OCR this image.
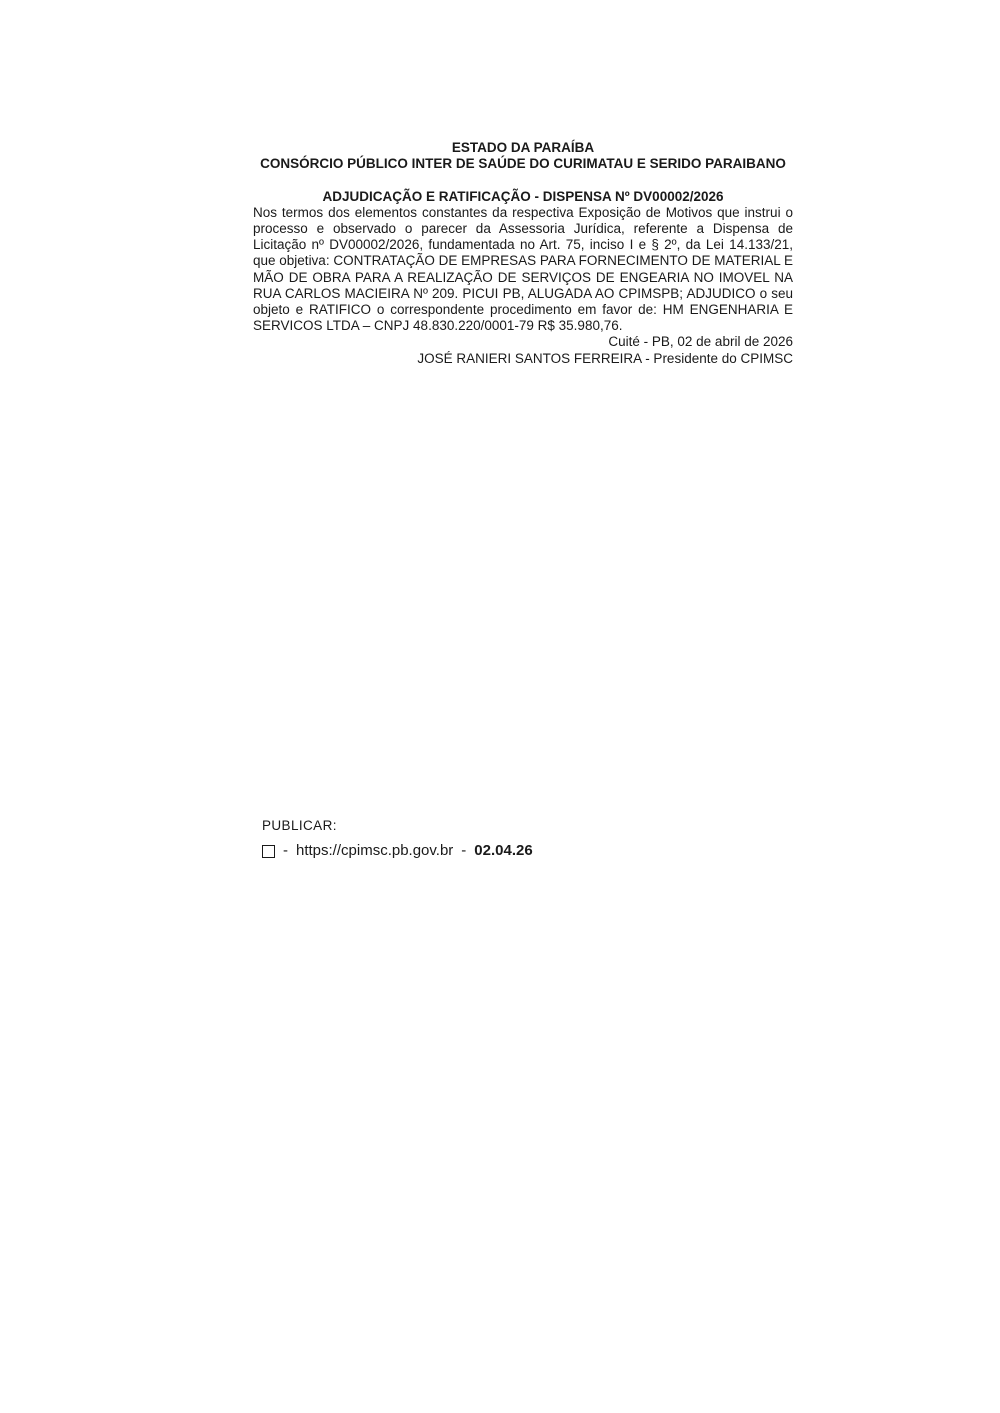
ESTADO DA PARAÍBA

CONSÓRCIO PÚBLICO INTER DE SAÚDE DO CURIMATAU E SERIDO PARAIBANO

ADJUDICAÇÃO E RATIFICAÇÃO - DISPENSA Nº DV00002/2026

Nos termos dos elementos constantes da respectiva Exposição de Motivos que instrui o processo e observado o parecer da Assessoria Jurídica, referente a Dispensa de Licitação nº DV00002/2026, fundamentada no Art. 75, inciso I e § 2º, da Lei 14.133/21, que objetiva: CONTRATAÇÃO DE EMPRESAS PARA FORNECIMENTO DE MATERIAL E MÃO DE OBRA PARA A REALIZAÇÃO DE SERVIÇOS DE ENGEARIA NO IMOVEL NA RUA CARLOS MACIEIRA Nº 209. PICUI PB, ALUGADA AO CPIMSPB; ADJUDICO o seu objeto e RATIFICO o correspondente procedimento em favor de: HM ENGENHARIA E SERVICOS LTDA – CNPJ 48.830.220/0001-79 R$ 35.980,76.

Cuité - PB, 02 de abril de 2026

JOSÉ RANIERI SANTOS FERREIRA - Presidente do CPIMSC

PUBLICAR:
- https://cpimsc.pb.gov.br - 02.04.26
